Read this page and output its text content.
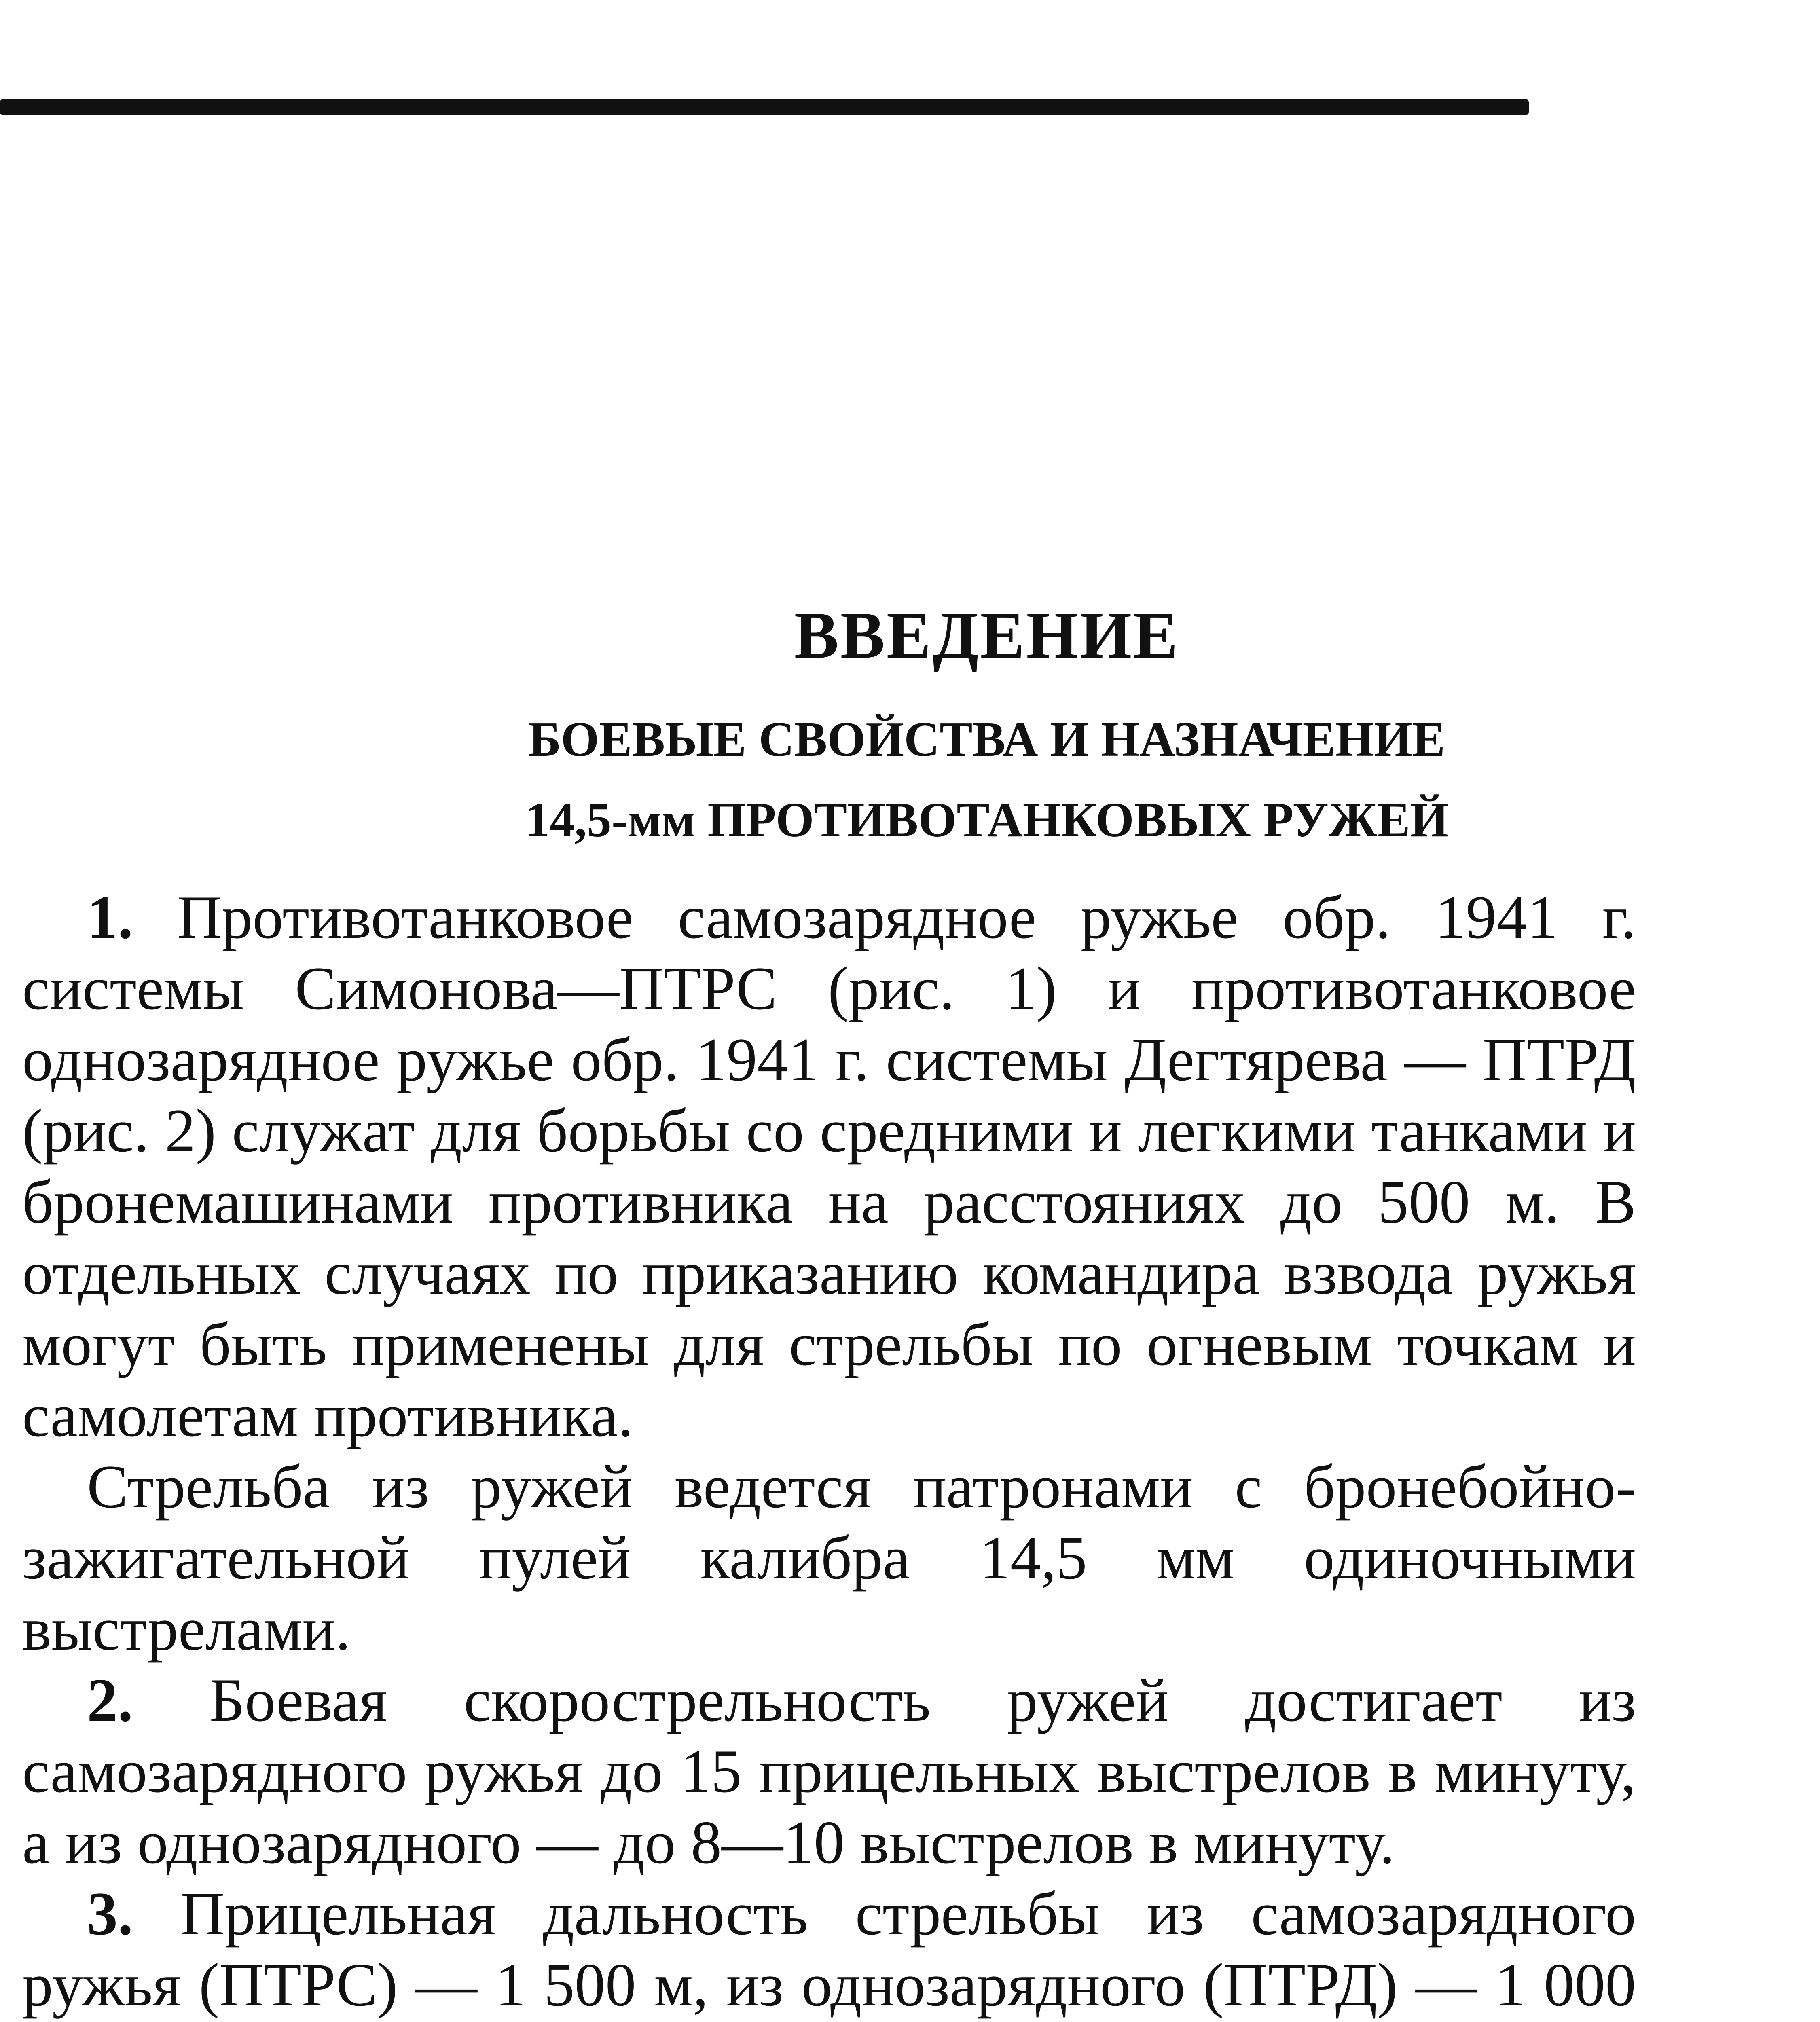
ВВЕДЕНИЕ
БОЕВЫЕ СВОЙСТВА И НАЗНАЧЕНИЕ
14,5-мм ПРОТИВОТАНКОВЫХ РУЖЕЙ

1. Противотанковое самозарядное ружье обр. 1941 г. системы Симонова—ПТРС (рис. 1) и противотанковое однозарядное ружье обр. 1941 г. системы Дегтярева — ПТРД (рис. 2) служат для борьбы со средними и легкими танками и бронемашинами противника на расстояниях до 500 м. В отдельных случаях по приказанию командира взвода ружья могут быть применены для стрельбы по огневым точкам и самолетам противника.

Стрельба из ружей ведется патронами с бронебойно-зажигательной пулей калибра 14,5 мм одиночными выстрелами.

2. Боевая скорострельность ружей достигает из самозарядного ружья до 15 прицельных выстрелов в минуту, а из однозарядного — до 8—10 выстрелов в минуту.

3. Прицельная дальность стрельбы из самозарядного ружья (ПТРС) — 1 500 м, из однозарядного (ПТРД) — 1 000
